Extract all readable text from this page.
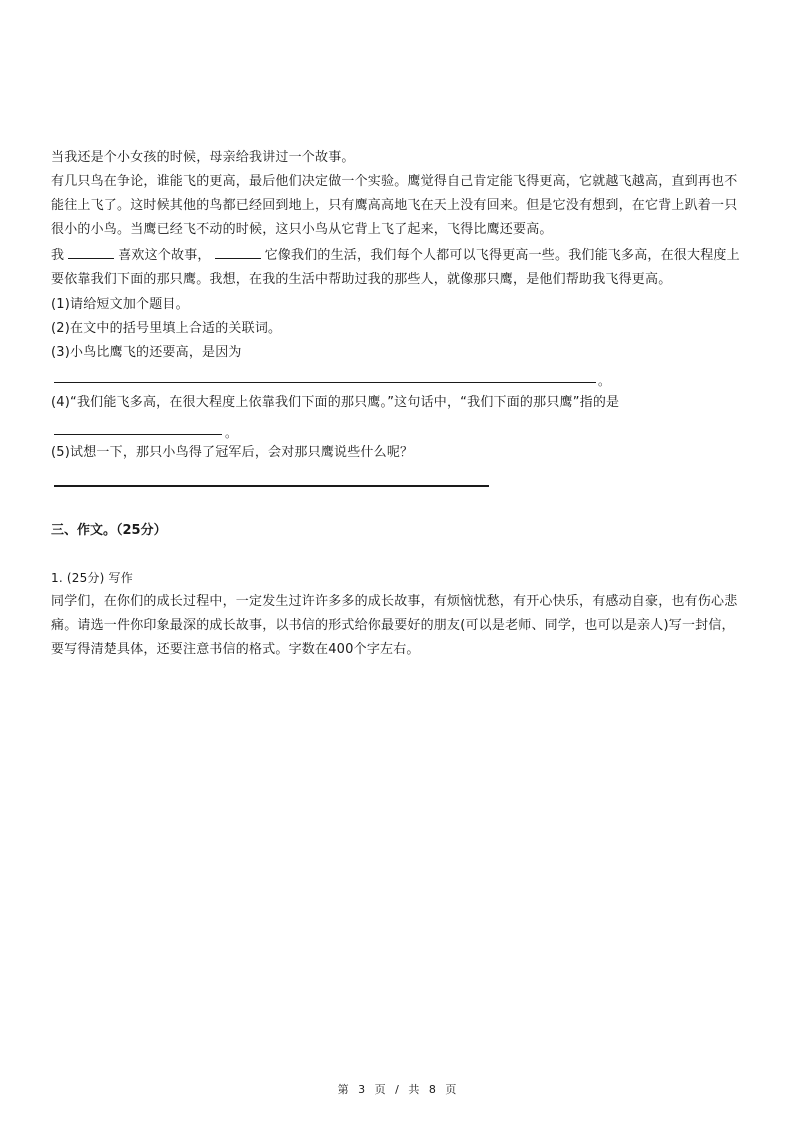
当我还是个小女孩的时候，母亲给我讲过一个故事。
有几只鸟在争论，谁能飞的更高，最后他们决定做一个实验。鹰觉得自己肯定能飞得更高，它就越飞越高，直到再也不能往上飞了。这时候其他的鸟都已经回到地上，只有鹰高高地飞在天上没有回来。但是它没有想到，在它背上趴着一只很小的小鸟。当鹰已经飞不动的时候，这只小鸟从它背上飞了起来，飞得比鹰还要高。
我	喜欢这个故事，	它像我们的生活，我们每个人都可以飞得更高一些。我们能飞多高，在很大程度上要依靠我们下面的那只鹰。我想，在我的生活中帮助过我的那些人，就像那只鹰，是他们帮助我飞得更高。
(1)请给短文加个题目。
(2)在文中的括号里填上合适的关联词。
(3)小鸟比鹰飞的还要高，是因为
。
(4)“我们能飞多高，在很大程度上依靠我们下面的那只鹰。”这句话中，“我们下面的那只鹰”指的是
。
(5)试想一下，那只小鸟得了冠军后，会对那只鹰说些什么呢？
三、作文。（25分）
1. (25分) 写作
同学们，在你们的成长过程中，一定发生过许许多多的成长故事，有烦恼忧愁，有开心快乐，有感动自豪，也有伤心悲痛。请选一件你印象最深的成长故事，以书信的形式给你最要好的朋友(可以是老师、同学，也可以是亲人)写一封信，要写得清楚具体，还要注意书信的格式。字数在400个字左右。
第 3 页 / 共 8 页
